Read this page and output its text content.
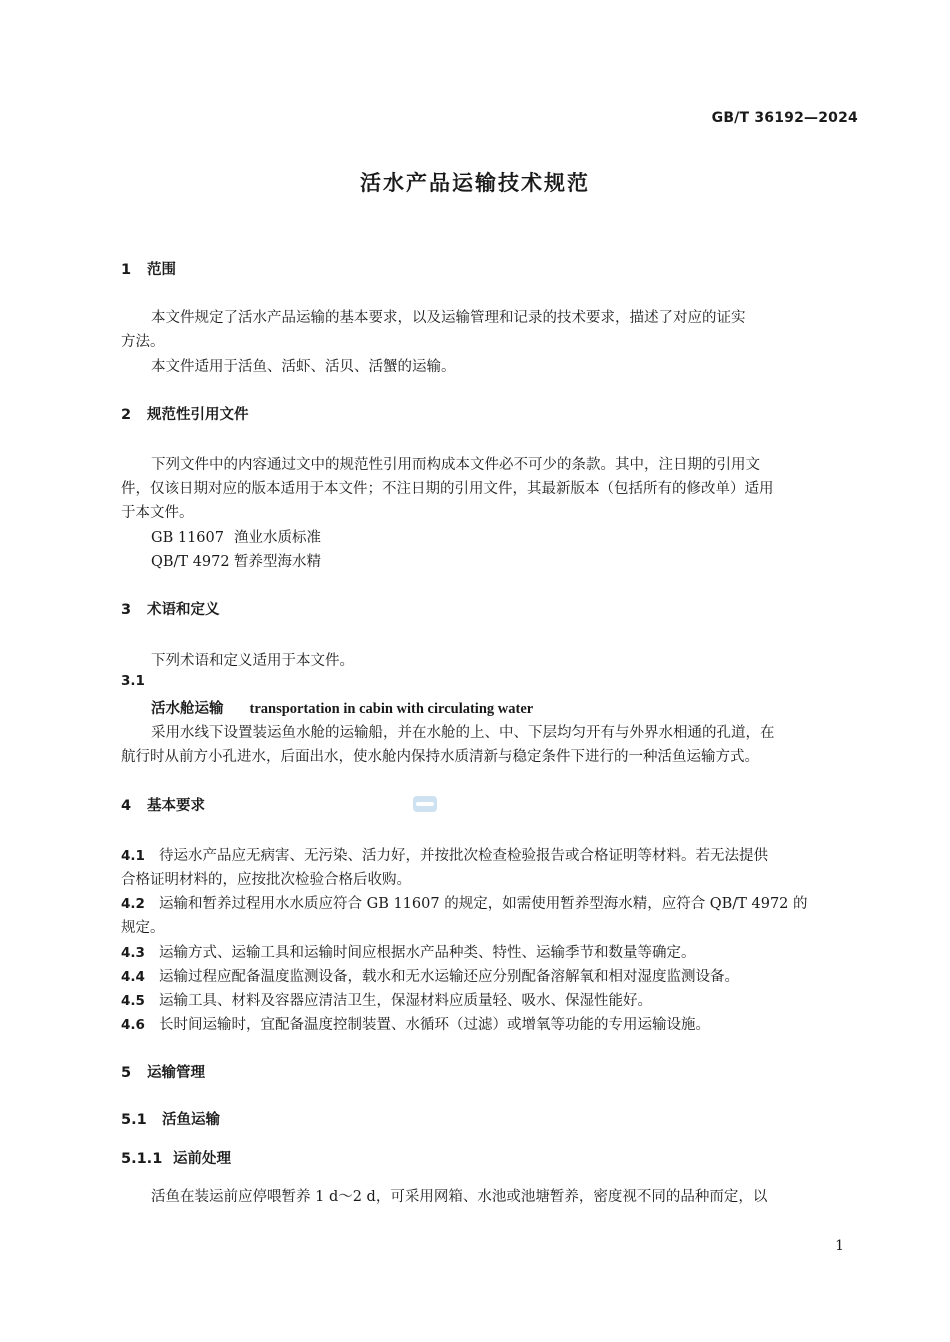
GB/T 36192—2024
活水产品运输技术规范
1 范围
本文件规定了活水产品运输的基本要求，以及运输管理和记录的技术要求，描述了对应的证实
方法。
本文件适用于活鱼、活虾、活贝、活蟹的运输。
2 规范性引用文件
下列文件中的内容通过文中的规范性引用而构成本文件必不可少的条款。其中，注日期的引用文
件，仅该日期对应的版本适用于本文件；不注日期的引用文件，其最新版本（包括所有的修改单）适用
于本文件。
GB 11607 渔业水质标准
QB/T 4972 暂养型海水精
3 术语和定义
下列术语和定义适用于本文件。
3.1
活水舱运输 transportation in cabin with circulating water
采用水线下设置装运鱼水舱的运输船，并在水舱的上、中、下层均匀开有与外界水相通的孔道，在
航行时从前方小孔进水，后面出水，使水舱内保持水质清新与稳定条件下进行的一种活鱼运输方式。
4 基本要求
4.1 待运水产品应无病害、无污染、活力好，并按批次检查检验报告或合格证明等材料。若无法提供
合格证明材料的，应按批次检验合格后收购。
4.2 运输和暂养过程用水水质应符合 GB 11607 的规定，如需使用暂养型海水精，应符合 QB/T 4972 的
规定。
4.3 运输方式、运输工具和运输时间应根据水产品种类、特性、运输季节和数量等确定。
4.4 运输过程应配备温度监测设备，载水和无水运输还应分别配备溶解氧和相对湿度监测设备。
4.5 运输工具、材料及容器应清洁卫生，保湿材料应质量轻、吸水、保湿性能好。
4.6 长时间运输时，宜配备温度控制装置、水循环（过滤）或增氧等功能的专用运输设施。
5 运输管理
5.1 活鱼运输
5.1.1 运前处理
活鱼在装运前应停喂暂养 1 d～2 d，可采用网箱、水池或池塘暂养，密度视不同的品种而定，以
1
